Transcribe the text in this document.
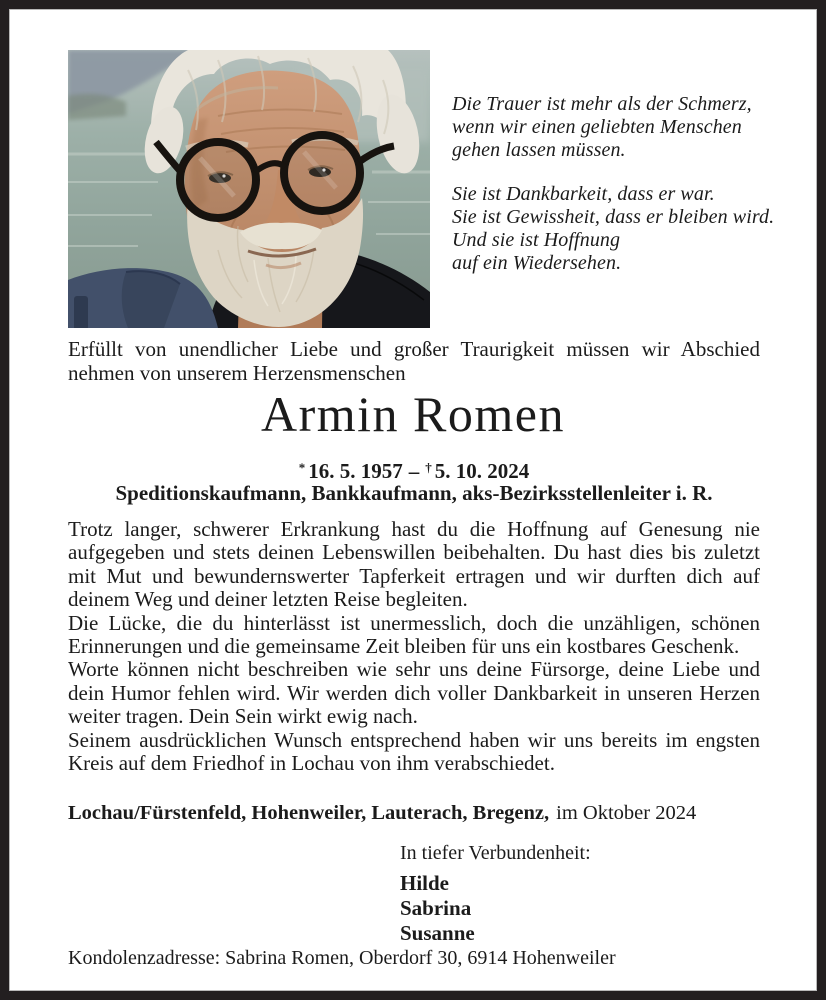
Die Trauer ist mehr als der Schmerz,
wenn wir einen geliebten Menschen
gehen lassen müssen.
Sie ist Dankbarkeit, dass er war.
Sie ist Gewissheit, dass er bleiben wird.
Und sie ist Hoffnung
auf ein Wiedersehen.

Erfüllt von unendlicher Liebe und großer Traurigkeit müssen wir Abschied nehmen von unserem Herzensmenschen

Armin Romen

* 16. 5. 1957 – † 5. 10. 2024

Speditionskaufmann, Bankkaufmann, aks-Bezirksstellenleiter i. R.

Trotz langer, schwerer Erkrankung hast du die Hoffnung auf Genesung nie aufgegeben und stets deinen Lebenswillen beibehalten. Du hast dies bis zuletzt mit Mut und bewundernswerter Tapferkeit ertragen und wir durften dich auf deinem Weg und deiner letzten Reise begleiten.

Die Lücke, die du hinterlässt ist unermesslich, doch die unzähligen, schönen Erinnerungen und die gemeinsame Zeit bleiben für uns ein kostbares Geschenk.

Worte können nicht beschreiben wie sehr uns deine Fürsorge, deine Liebe und dein Humor fehlen wird. Wir werden dich voller Dankbarkeit in unseren Herzen weiter tragen. Dein Sein wirkt ewig nach.

Seinem ausdrücklichen Wunsch entsprechend haben wir uns bereits im engsten Kreis auf dem Friedhof in Lochau von ihm verabschiedet.

Lochau/Fürstenfeld, Hohenweiler, Lauterach, Bregenz, im Oktober 2024

In tiefer Verbundenheit:

Hilde

Sabrina

Susanne

Kondolenzadresse: Sabrina Romen, Oberdorf 30, 6914 Hohenweiler
